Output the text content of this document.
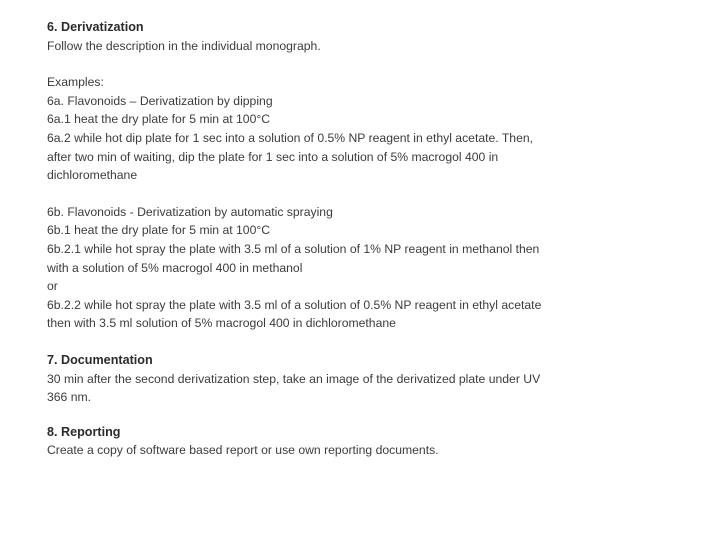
6. Derivatization
Follow the description in the individual monograph.
Examples:
6a. Flavonoids – Derivatization by dipping
6a.1 heat the dry plate for 5 min at 100°C
6a.2 while hot dip plate for 1 sec into a solution of 0.5% NP reagent in ethyl acetate. Then,
after two min of waiting, dip the plate for 1 sec into a solution of 5% macrogol 400 in
dichloromethane
6b. Flavonoids - Derivatization by automatic spraying
6b.1 heat the dry plate for 5 min at 100°C
6b.2.1 while hot spray the plate with 3.5 ml of a solution of 1% NP reagent in methanol then
with a solution of 5% macrogol 400 in methanol
or
6b.2.2 while hot spray the plate with 3.5 ml of a solution of 0.5% NP reagent in ethyl acetate
then with 3.5 ml solution of 5% macrogol 400 in dichloromethane
7. Documentation
30 min after the second derivatization step, take an image of the derivatized plate under UV
366 nm.
8. Reporting
Create a copy of software based report or use own reporting documents.
